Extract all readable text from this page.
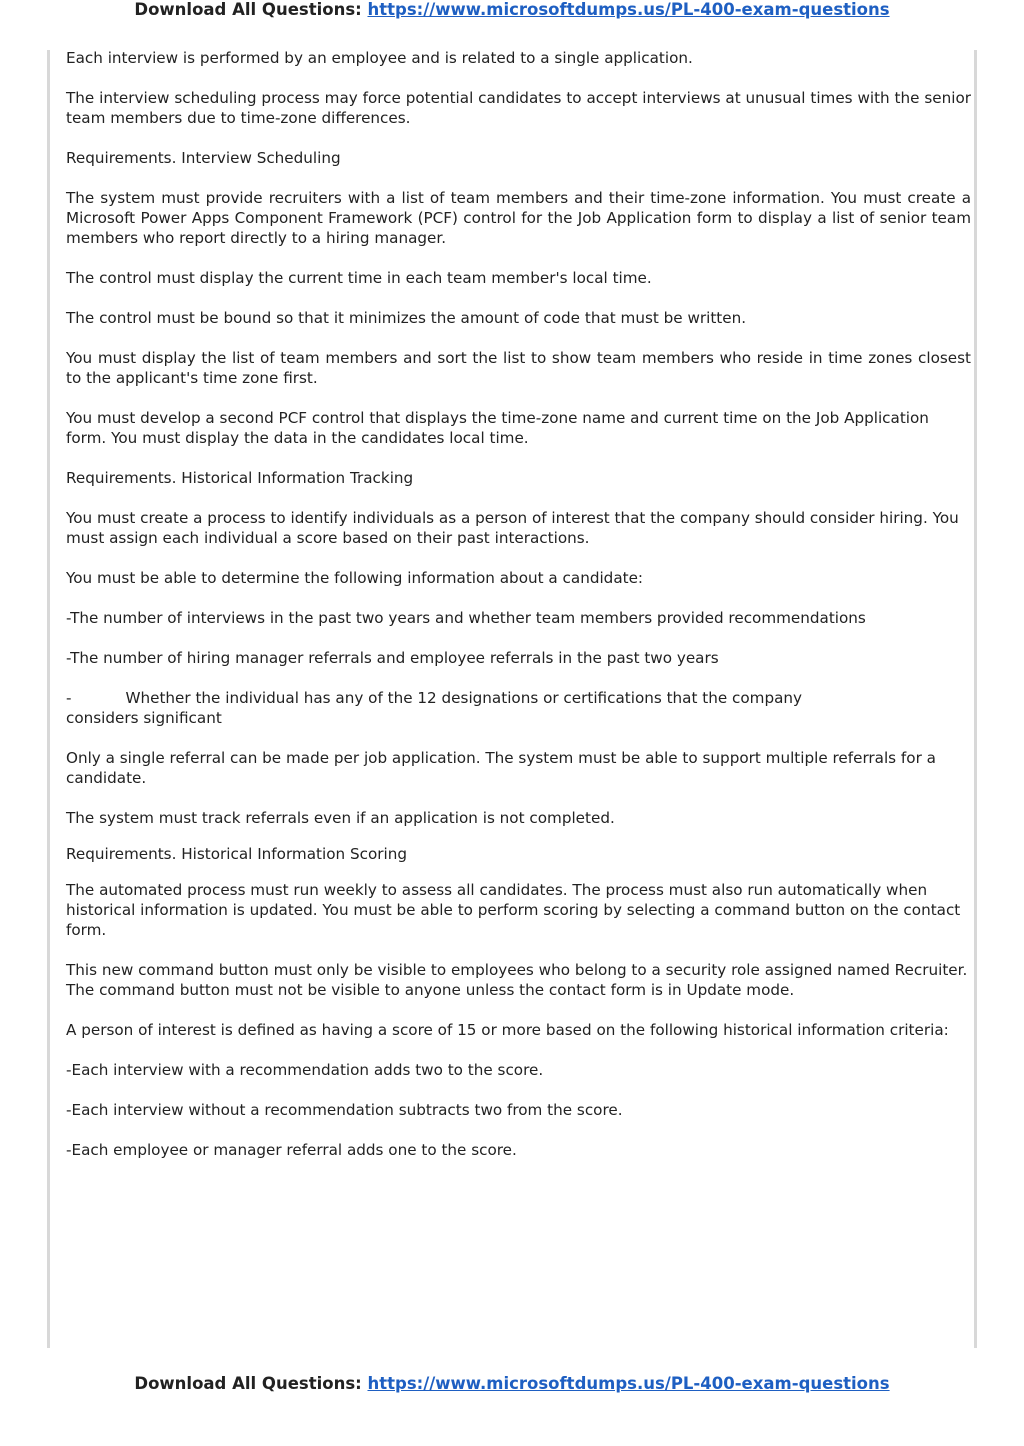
Download All Questions: https://www.microsoftdumps.us/PL-400-exam-questions

Each interview is performed by an employee and is related to a single application.

The interview scheduling process may force potential candidates to accept interviews at unusual times with the senior team members due to time-zone differences.

Requirements. Interview Scheduling

The system must provide recruiters with a list of team members and their time-zone information. You must create a Microsoft Power Apps Component Framework (PCF) control for the Job Application form to display a list of senior team members who report directly to a hiring manager.

The control must display the current time in each team member's local time.

The control must be bound so that it minimizes the amount of code that must be written.

You must display the list of team members and sort the list to show team members who reside in time zones closest to the applicant's time zone first.

You must develop a second PCF control that displays the time-zone name and current time on the Job Application form. You must display the data in the candidates local time.

Requirements. Historical Information Tracking

You must create a process to identify individuals as a person of interest that the company should consider hiring. You must assign each individual a score based on their past interactions.

You must be able to determine the following information about a candidate:

-The number of interviews in the past two years and whether team members provided recommendations

-The number of hiring manager referrals and employee referrals in the past two years

-	Whether the individual has any of the 12 designations or certifications that the company
considers significant

Only a single referral can be made per job application. The system must be able to support multiple referrals for a candidate.

The system must track referrals even if an application is not completed.

Requirements. Historical Information Scoring

The automated process must run weekly to assess all candidates. The process must also run automatically when historical information is updated. You must be able to perform scoring by selecting a command button on the contact form.

This new command button must only be visible to employees who belong to a security role assigned named Recruiter. The command button must not be visible to anyone unless the contact form is in Update mode.

A person of interest is defined as having a score of 15 or more based on the following historical information criteria:

-Each interview with a recommendation adds two to the score.

-Each interview without a recommendation subtracts two from the score.

-Each employee or manager referral adds one to the score.

Download All Questions: https://www.microsoftdumps.us/PL-400-exam-questions
